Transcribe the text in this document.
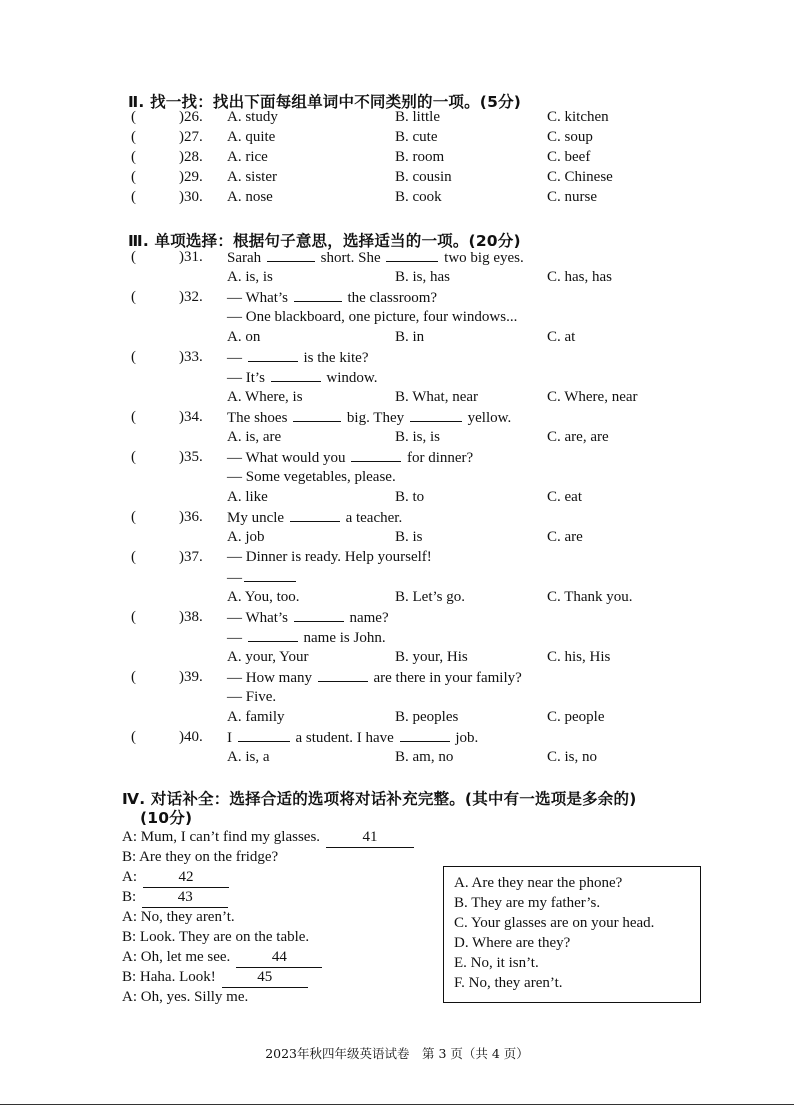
Ⅱ. 找一找：找出下面每组单词中不同类别的一项。(5分)
(	)26. A. study	B. little	C. kitchen
(	)27. A. quite	B. cute	C. soup
(	)28. A. rice	B. room	C. beef
(	)29. A. sister	B. cousin	C. Chinese
(	)30. A. nose	B. cook	C. nurse
Ⅲ. 单项选择：根据句子意思，选择适当的一项。(20分)
(	)31. Sarah	short. She	two big eyes.
A. is, is	B. is, has	C. has, has
(	)32. — What’s	the classroom?
— One blackboard, one picture, four windows...
A. on	B. in	C. at
(	)33. —	is the kite?
— It’s	window.
A. Where, is	B. What, near	C. Where, near
(	)34. The shoes	big. They	yellow.
A. is, are	B. is, is	C. are, are
(	)35. — What would you	for dinner?
— Some vegetables, please.
A. like	B. to	C. eat
(	)36. My uncle	a teacher.
A. job	B. is	C. are
(	)37. — Dinner is ready. Help yourself!
—
A. You, too.	B. Let’s go.	C. Thank you.
(	)38. — What’s	name?
—	name is John.
A. your, Your	B. your, His	C. his, His
(	)39. — How many	are there in your family?
— Five.
A. family	B. peoples	C. people
(	)40. I	a student. I have	job.
A. is, a	B. am, no	C. is, no
Ⅳ. 对话补全：选择合适的选项将对话补充完整。(其中有一选项是多余的)
(10分)
A: Mum, I can’t find my glasses.	41
B: Are they on the fridge?
A:	42
B:	43
A: No, they aren’t.
B: Look. They are on the table.
A: Oh, let me see.	44
B: Haha. Look!	45
A: Oh, yes. Silly me.
A. Are they near the phone?
B. They are my father’s.
C. Your glasses are on your head.
D. Where are they?
E. No, it isn’t.
F. No, they aren’t.
2023年秋四年级英语试卷　第 3 页（共 4 页）
